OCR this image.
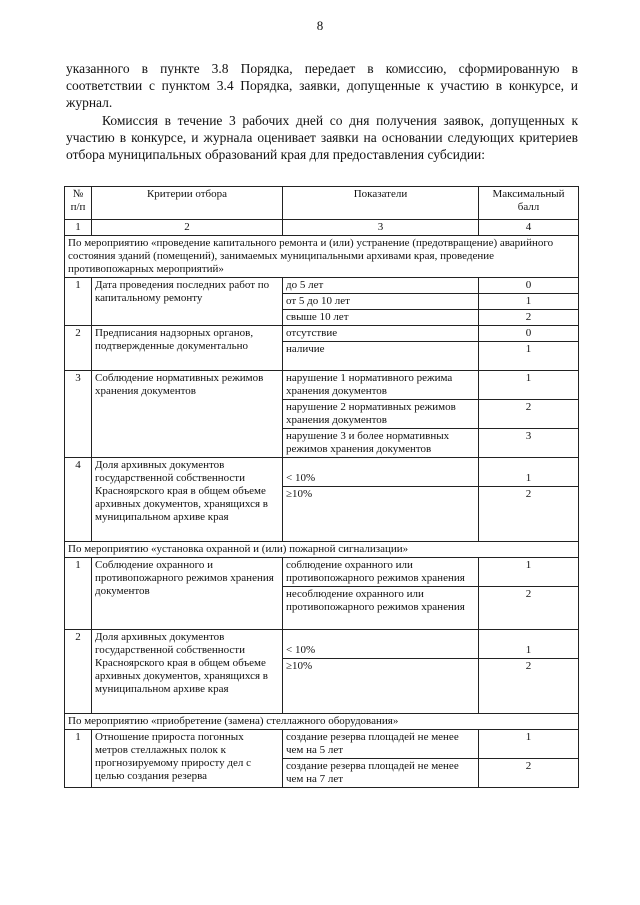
8

указанного в пункте 3.8 Порядка, передает в комиссию, сформированную в соответствии с пунктом 3.4 Порядка, заявки, допущенные к участию в конкурсе, и журнал.

Комиссия в течение 3 рабочих дней со дня получения заявок, допущенных к участию в конкурсе, и журнала оценивает заявки на основании следующих критериев отбора муниципальных образований края для предоставления субсидии:

№ п/п	Критерии отбора	Показатели	Максимальный балл
1	2	3	4
По мероприятию «проведение капитального ремонта и (или) устранение (предотвращение) аварийного состояния зданий (помещений), занимаемых муниципальными архивами края, проведение противопожарных мероприятий»			
1	Дата проведения последних работ по капитальному ремонту	до 5 лет	0
		от 5 до 10 лет	1
		свыше 10 лет	2
2	Предписания надзорных органов, подтвержденные документально	отсутствие	0
		наличие	1
3	Соблюдение нормативных режимов хранения документов	нарушение 1 нормативного режима хранения документов	1
		нарушение 2 нормативных режимов хранения документов	2
		нарушение 3 и более нормативных режимов хранения документов	3
4	Доля архивных документов государственной собственности Красноярского края в общем объеме архивных документов, хранящихся в муниципальном архиве края	< 10%	1
		≥10%	2
По мероприятию «установка охранной и (или) пожарной сигнализации»			
1	Соблюдение охранного и противопожарного режимов хранения документов	соблюдение охранного или противопожарного режимов хранения	1
		несоблюдение охранного или противопожарного режимов хранения	2
2	Доля архивных документов государственной собственности Красноярского края в общем объеме архивных документов, хранящихся в муниципальном архиве края	< 10%	1
		≥10%	2
По мероприятию «приобретение (замена) стеллажного оборудования»			
1	Отношение прироста погонных метров стеллажных полок к прогнозируемому приросту дел с целью создания резерва	создание резерва площадей не менее чем на 5 лет	1
		создание резерва площадей не менее чем на 7 лет	2
